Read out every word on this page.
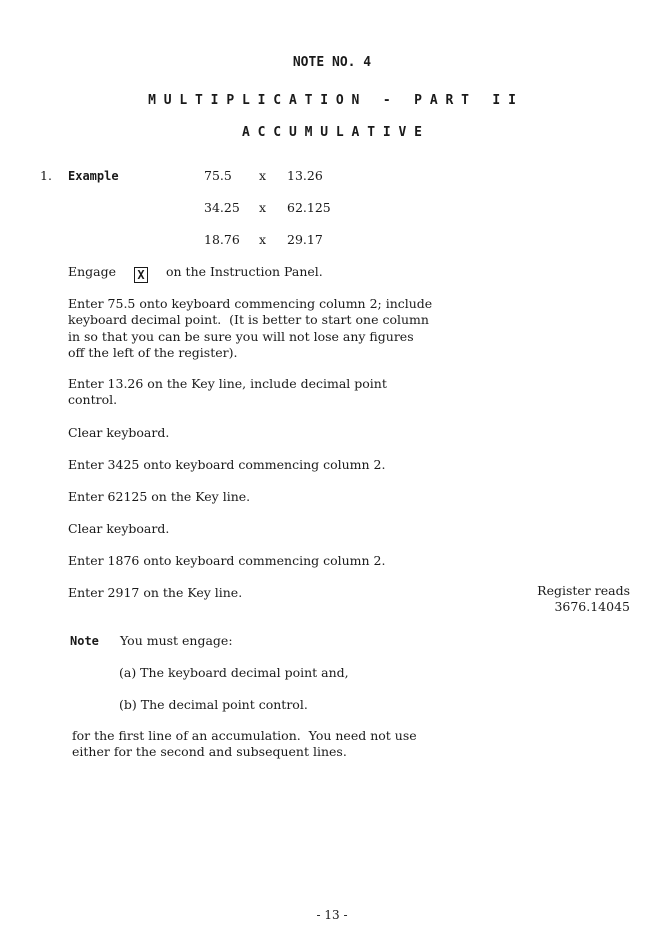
NOTE NO. 4
M U L T I P L I C A T I O N   -   P A R T   I I
A C C U M U L A T I V E
1. Example	75.5 x 13.26
34.25 x 62.125
18.76 x 29.17
Engage X on the Instruction Panel.
Enter 75.5 onto keyboard commencing column 2; include
keyboard decimal point.  (It is better to start one column
in so that you can be sure you will not lose any figures
off the left of the register).
Enter 13.26 on the Key line, include decimal point
control.
Clear keyboard.
Enter 3425 onto keyboard commencing column 2.
Enter 62125 on the Key line.
Clear keyboard.
Enter 1876 onto keyboard commencing column 2.
Enter 2917 on the Key line.	Register reads
3676.14045
Note You must engage:
(a) The keyboard decimal point and,
(b) The decimal point control.
for the first line of an accumulation.  You need not use
either for the second and subsequent lines.
- 13 -
